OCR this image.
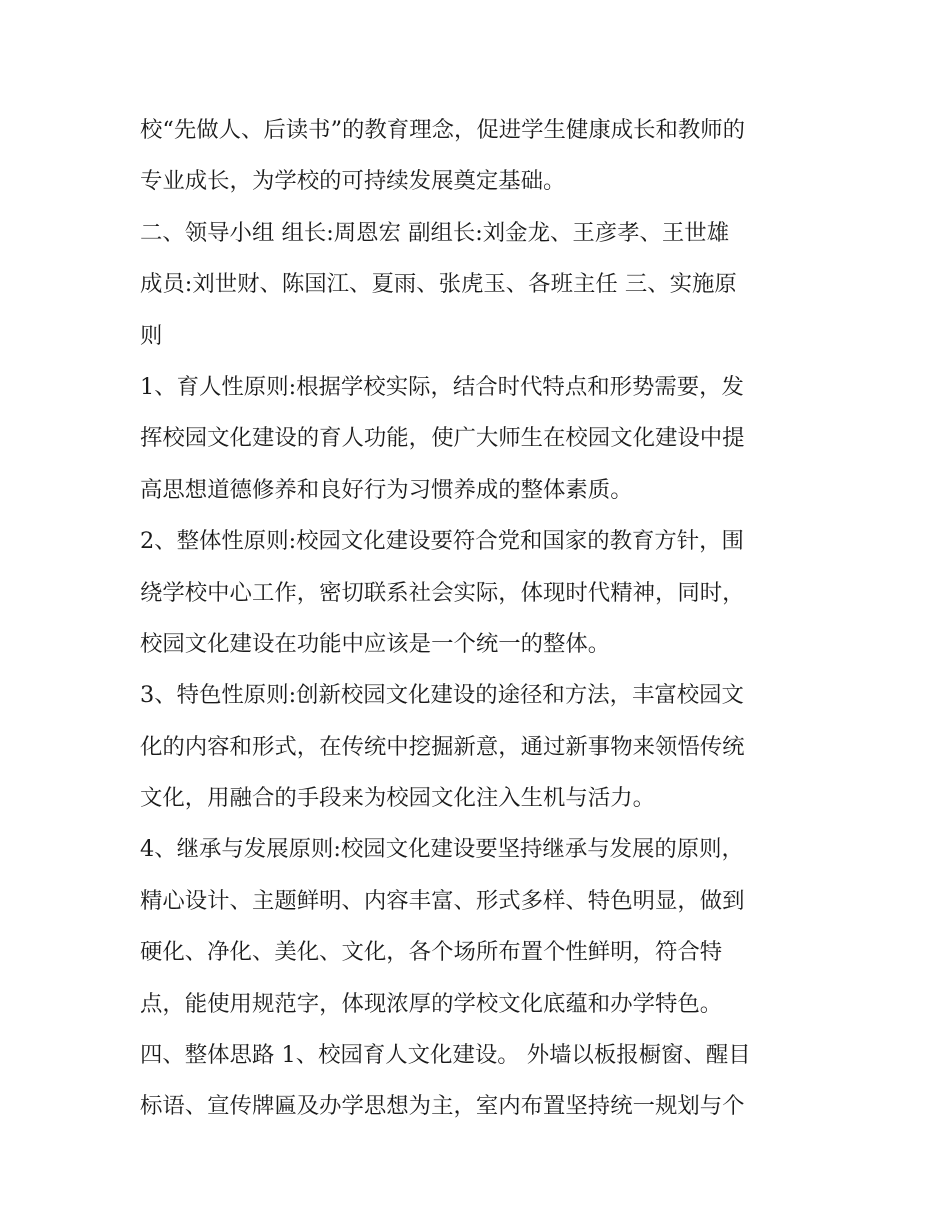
校“先做人、后读书”的教育理念，促进学生健康成长和教师的
专业成长，为学校的可持续发展奠定基础。
二、领导小组 组长:周恩宏 副组长:刘金龙、王彦孝、王世雄
成员:刘世财、陈国江、夏雨、张虎玉、各班主任 三、实施原
则
1、育人性原则:根据学校实际，结合时代特点和形势需要，发
挥校园文化建设的育人功能，使广大师生在校园文化建设中提
高思想道德修养和良好行为习惯养成的整体素质。
2、整体性原则:校园文化建设要符合党和国家的教育方针，围
绕学校中心工作，密切联系社会实际，体现时代精神，同时，
校园文化建设在功能中应该是一个统一的整体。
3、特色性原则:创新校园文化建设的途径和方法，丰富校园文
化的内容和形式，在传统中挖掘新意，通过新事物来领悟传统
文化，用融合的手段来为校园文化注入生机与活力。
4、继承与发展原则:校园文化建设要坚持继承与发展的原则，
精心设计、主题鲜明、内容丰富、形式多样、特色明显，做到
硬化、净化、美化、文化，各个场所布置个性鲜明，符合特
点，能使用规范字，体现浓厚的学校文化底蕴和办学特色。
四、整体思路 1、校园育人文化建设。 外墙以板报橱窗、醒目
标语、宣传牌匾及办学思想为主，室内布置坚持统一规划与个
